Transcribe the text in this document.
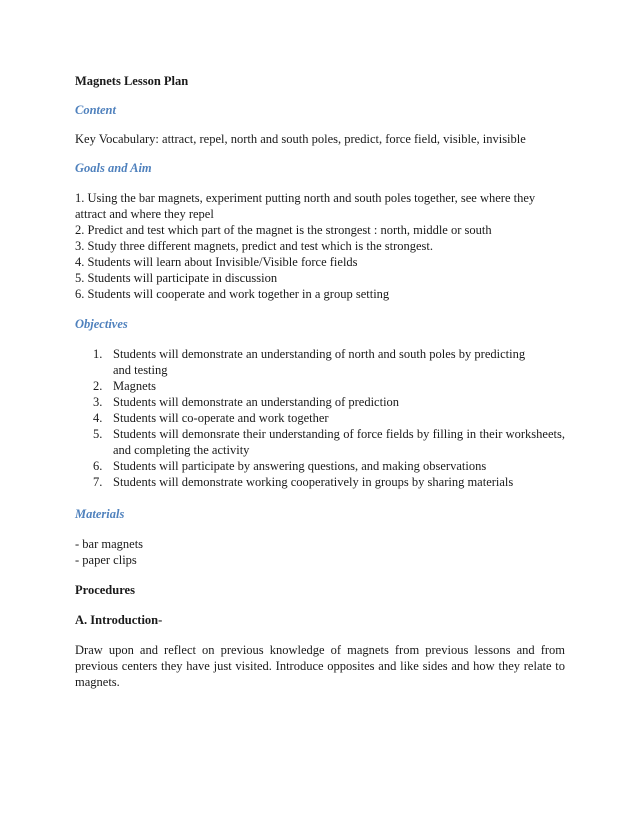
Magnets Lesson Plan
Content
Key Vocabulary: attract, repel, north and south poles, predict, force field, visible, invisible
Goals and Aim
1. Using the bar magnets, experiment putting north and south poles together, see where they attract and where they repel
2. Predict and test which part of the magnet is the strongest : north, middle or south
3. Study three different magnets, predict and test which is the strongest.
4. Students will learn about Invisible/Visible force fields
5. Students will participate in discussion
6. Students will cooperate and work together in a group setting
Objectives
1. Students will demonstrate an understanding of north and south poles by predicting and testing
2. Magnets
3. Students will demonstrate an understanding of prediction
4. Students will co-operate and work together
5. Students will demonsrate their understanding of force fields by filling in their worksheets, and completing the activity
6. Students will participate by answering questions, and making observations
7. Students will demonstrate working cooperatively in groups by sharing materials
Materials
- bar magnets
- paper clips
Procedures
A. Introduction-
Draw upon and reflect on previous knowledge of magnets from previous lessons and from previous centers they have just visited. Introduce opposites and like sides and how they relate to magnets.
